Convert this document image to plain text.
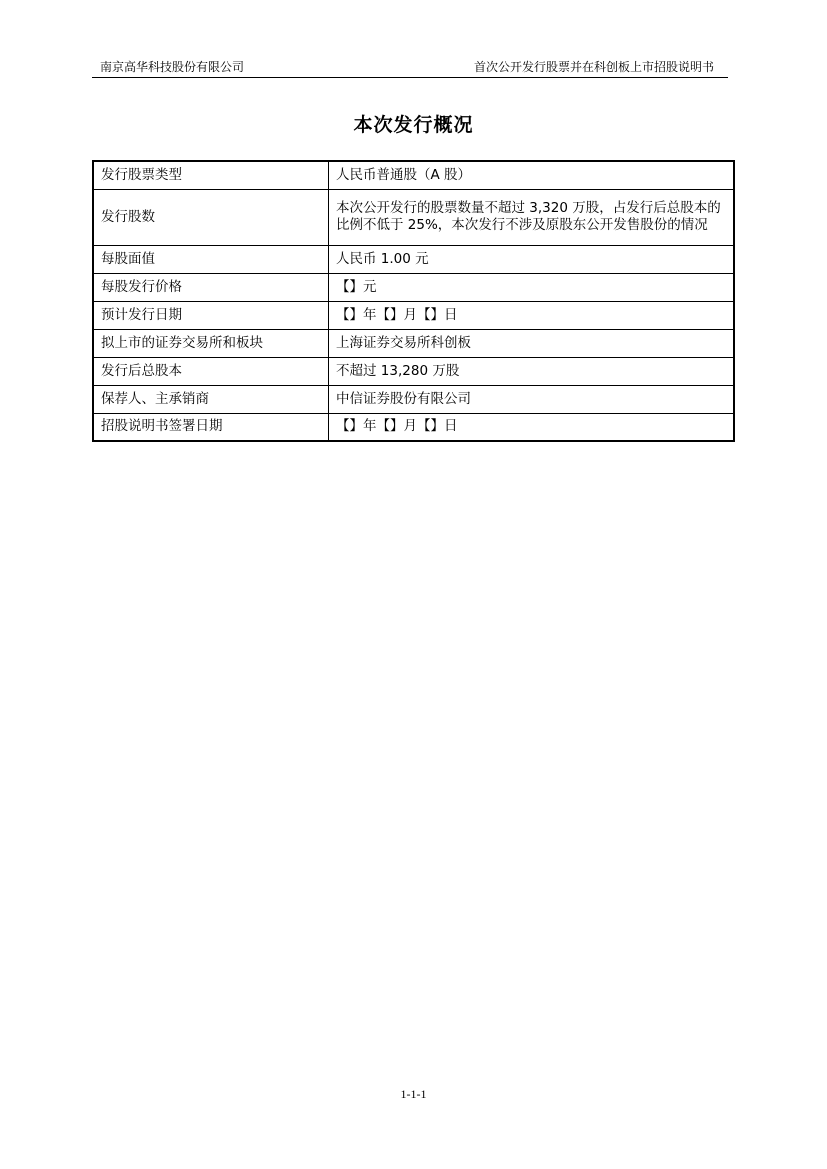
南京高华科技股份有限公司	首次公开发行股票并在科创板上市招股说明书
本次发行概况
发行股票类型	人民币普通股（A 股）
发行股数	本次公开发行的股票数量不超过 3,320 万股，占发行后总股本的比例不低于 25%，本次发行不涉及原股东公开发售股份的情况
每股面值	人民币 1.00 元
每股发行价格	【】元
预计发行日期	【】年【】月【】日
拟上市的证券交易所和板块	上海证券交易所科创板
发行后总股本	不超过 13,280 万股
保荐人、主承销商	中信证券股份有限公司
招股说明书签署日期	【】年【】月【】日
1-1-1
